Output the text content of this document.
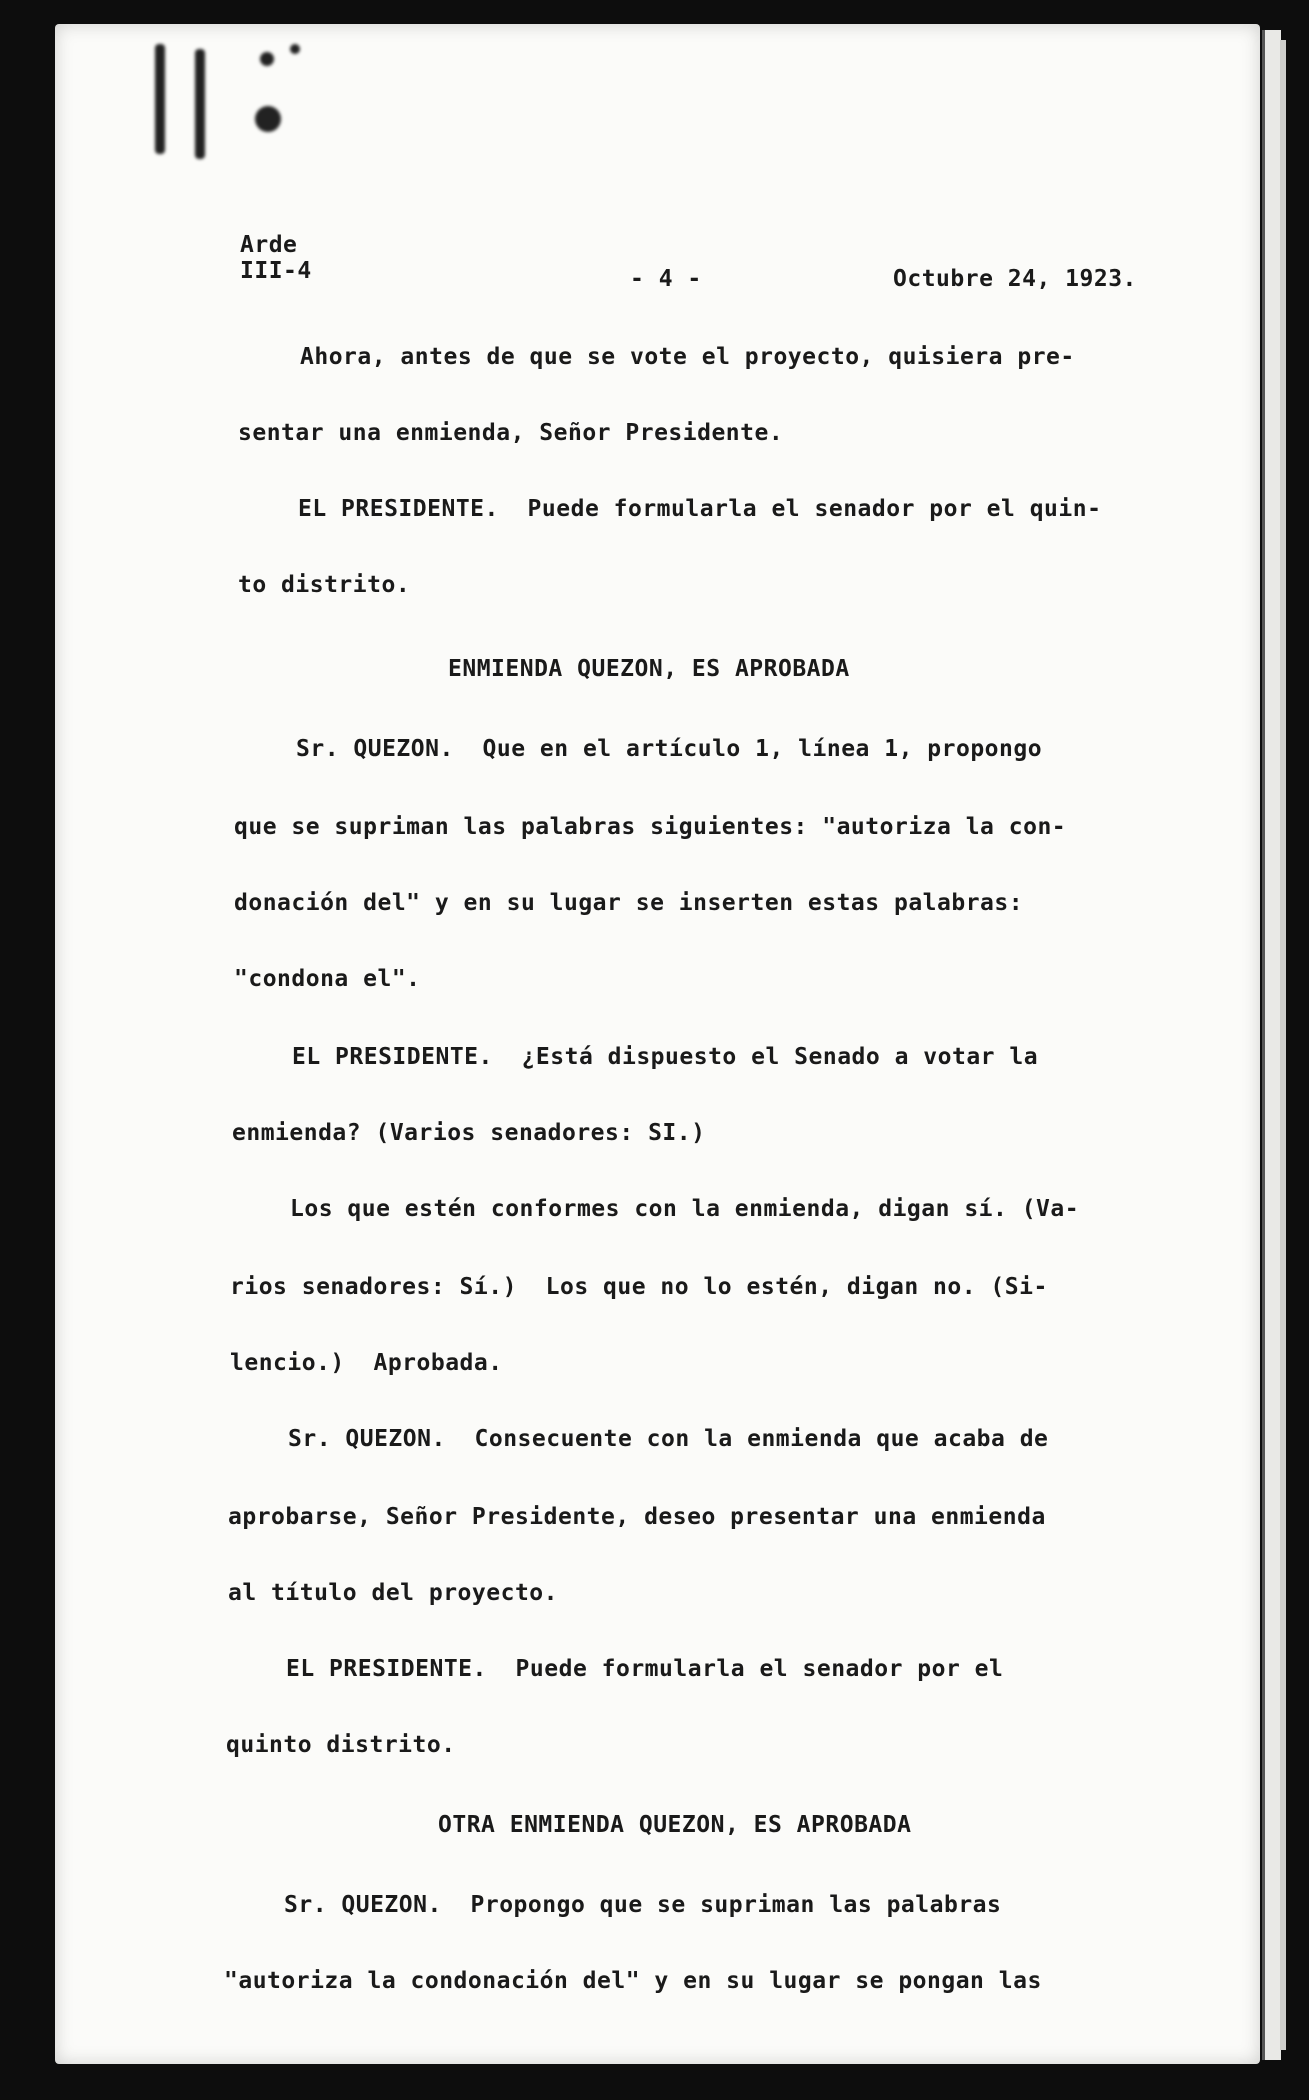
Arde
III-4	- 4 -	Octubre 24, 1923.
Ahora, antes de que se vote el proyecto, quisiera pre-
sentar una enmienda, Señor Presidente.
EL PRESIDENTE.  Puede formularla el senador por el quin-
to distrito.
ENMIENDA QUEZON, ES APROBADA
Sr. QUEZON.  Que en el artículo 1, línea 1, propongo
que se supriman las palabras siguientes: "autoriza la con-
donación del" y en su lugar se inserten estas palabras:
"condona el".
EL PRESIDENTE.  ¿Está dispuesto el Senado a votar la
enmienda? (Varios senadores: SI.)
Los que estén conformes con la enmienda, digan sí. (Va-
rios senadores: Sí.)  Los que no lo estén, digan no. (Si-
lencio.)  Aprobada.
Sr. QUEZON.  Consecuente con la enmienda que acaba de
aprobarse, Señor Presidente, deseo presentar una enmienda
al título del proyecto.
EL PRESIDENTE.  Puede formularla el senador por el
quinto distrito.
OTRA ENMIENDA QUEZON, ES APROBADA
Sr. QUEZON.  Propongo que se supriman las palabras
"autoriza la condonación del" y en su lugar se pongan las
